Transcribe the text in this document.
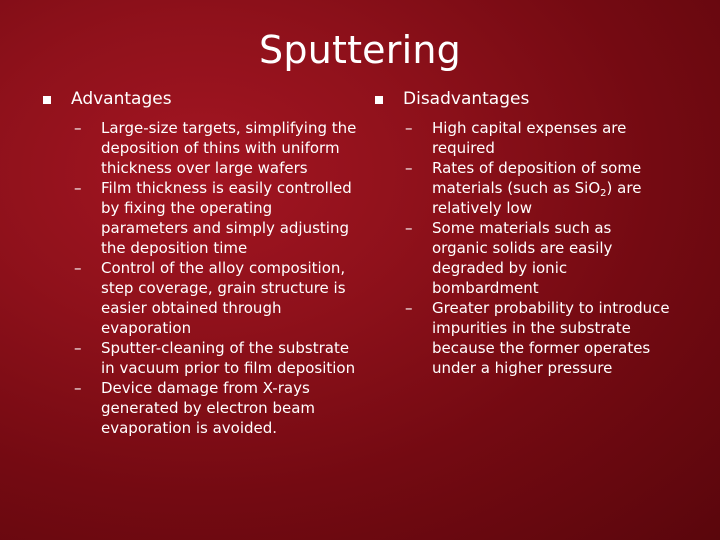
Sputtering
Advantages
– Large-size targets, simplifying the deposition of thins with uniform thickness over large wafers
– Film thickness is easily controlled by fixing the operating parameters and simply adjusting the deposition time
– Control of the alloy composition, step coverage, grain structure is easier obtained through evaporation
– Sputter-cleaning of the substrate in vacuum prior to film deposition
– Device damage from X-rays generated by electron beam evaporation is avoided.
Disadvantages
– High capital expenses are required
– Rates of deposition of some materials (such as SiO$_2$) are relatively low
– Some materials such as organic solids are easily degraded by ionic bombardment
– Greater probability to introduce impurities in the substrate because the former operates under a higher pressure
